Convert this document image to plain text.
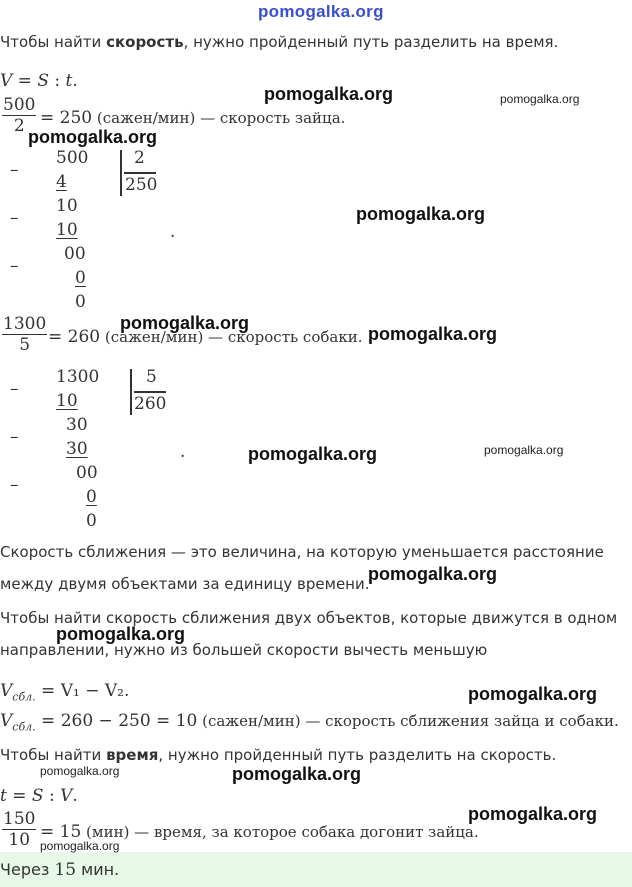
pomogalka.org
Чтобы найти скорость, нужно пройденный путь разделить на время.
V = S : t.
$\frac{500}{2} = 250$ (сажен/мин) — скорость зайца.
–
–
–
500
4
10
10
00
0
0
2
250
.
$\frac{1300}{5} = 260$ (сажен/мин) — скорость собаки.
–
–
–
1300
10
30
30
00
0
0
5
260
.
Скорость сближения — это величина, на которую уменьшается расстояние
между двумя объектами за единицу времени.
Чтобы найти скорость сближения двух объектов, которые движутся в одном
направлении, нужно из большей скорости вычесть меньшую
$V_{сбл.} = V_1 - V_2$.
$V_{сбл.} = 260 - 250 = 10$ (сажен/мин) — скорость сближения зайца и собаки.
Чтобы найти время, нужно пройденный путь разделить на скорость.
t = S : V.
$\frac{150}{10} = 15$ (мин) — время, за которое собака догонит зайца.
Через 15 мин.
pomogalka.org	pomogalka.org
pomogalka.org
pomogalka.org
pomogalka.org
pomogalka.org
pomogalka.org	pomogalka.org
pomogalka.org
pomogalka.org
pomogalka.org
pomogalka.org	pomogalka.org
pomogalka.org
pomogalka.org
